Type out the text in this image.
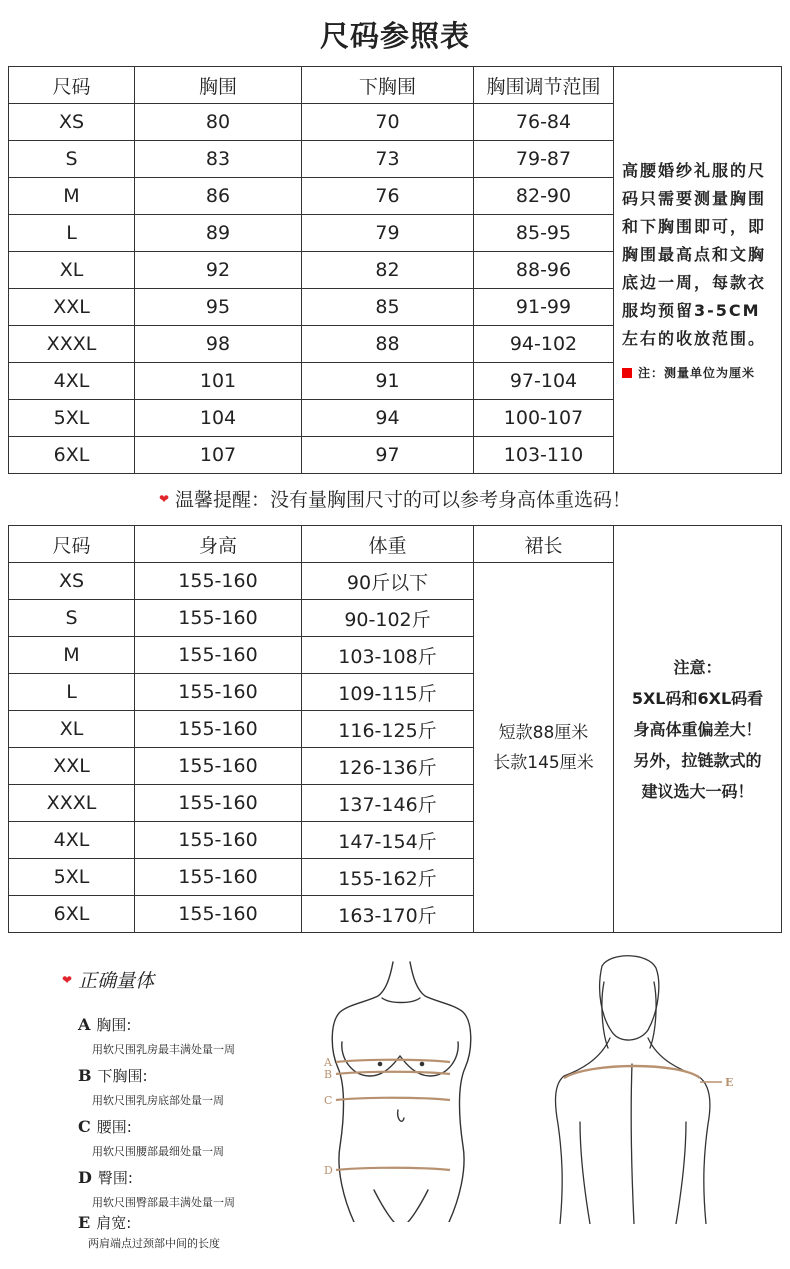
尺码参照表
尺码	胸围	下胸围	胸围调节范围	高腰婚纱礼服的尺码只需要测量胸围和下胸围即可，即胸围最高点和文胸底边一周，每款衣服均预留3-5CM左右的收放范围。
注：测量单位为厘米

XS	80	70	76-84	
S	83	73	79-87	
M	86	76	82-90	
L	89	79	85-95	
XL	92	82	88-96	
XXL	95	85	91-99	
XXXL	98	88	94-102	
4XL	101	91	97-104	
5XL	104	94	100-107	
6XL	107	97	103-110	
❤ 温馨提醒：没有量胸围尺寸的可以参考身高体重选码！
尺码	身高	体重	裙长	注意：
5XL码和6XL码看
身高体重偏差大！
另外，拉链款式的
建议选大一码！

XS	155-160	90斤以下	短款88厘米
长款145厘米	

S	155-160	90-102斤		
M	155-160	103-108斤		
L	155-160	109-115斤		
XL	155-160	116-125斤		
XXL	155-160	126-136斤		
XXXL	155-160	137-146斤		
4XL	155-160	147-154斤		
5XL	155-160	155-162斤		
6XL	155-160	163-170斤		
❤ 正确量体
A 胸围:
用软尺围乳房最丰满处量一周
B 下胸围:
用软尺围乳房底部处量一周
C 腰围:
用软尺围腰部最细处量一周
D 臀围:
用软尺围臀部最丰满处量一周
E 肩宽:
两肩端点过颈部中间的长度
A
B
C
D
E
